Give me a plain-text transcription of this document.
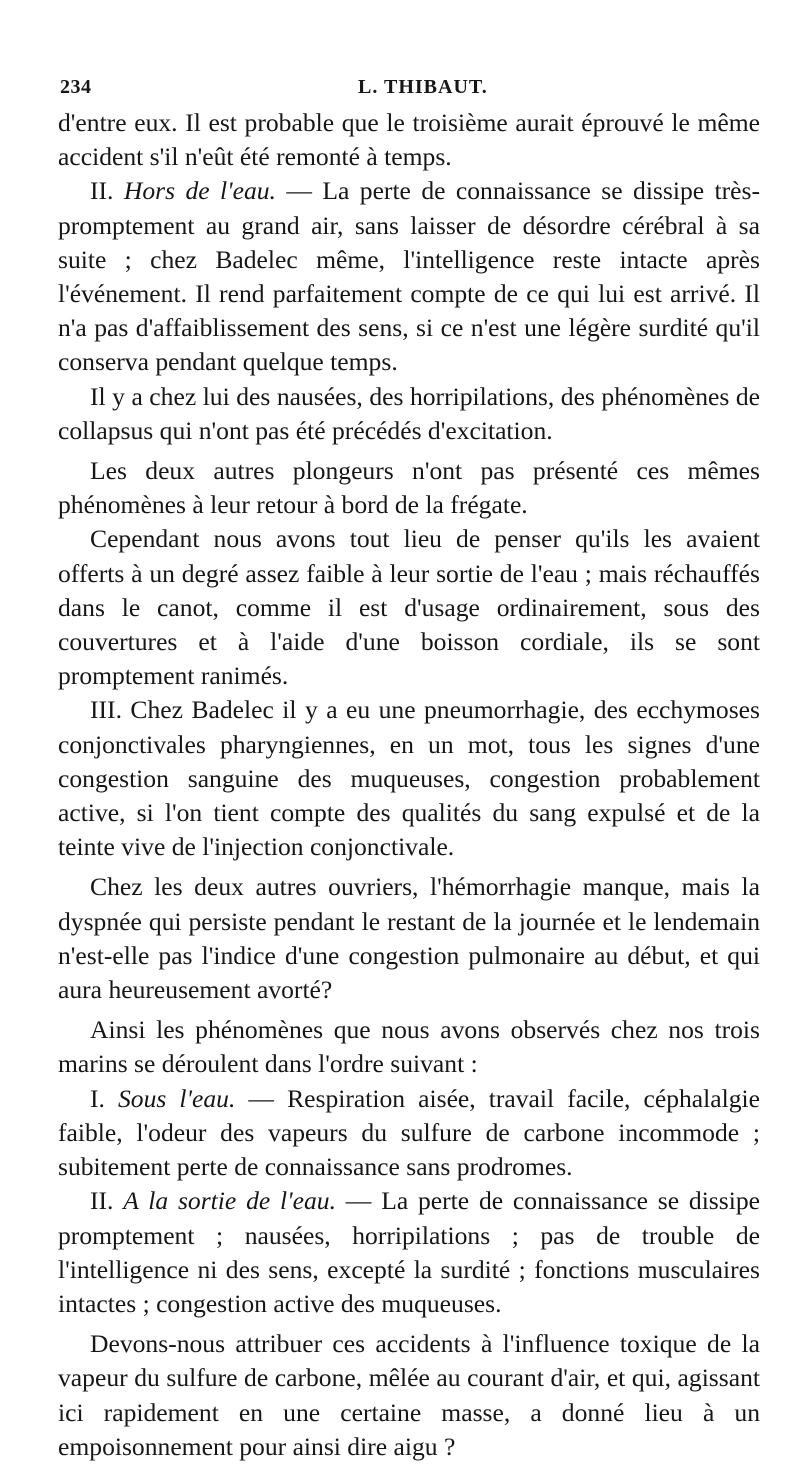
234	L. THIBAUT.

d'entre eux. Il est probable que le troisième aurait éprouvé le même accident s'il n'eût été remonté à temps.

II. Hors de l'eau. — La perte de connaissance se dissipe très-promptement au grand air, sans laisser de désordre cérébral à sa suite ; chez Badelec même, l'intelligence reste intacte après l'événement. Il rend parfaitement compte de ce qui lui est arrivé. Il n'a pas d'affaiblissement des sens, si ce n'est une légère surdité qu'il conserva pendant quelque temps.

Il y a chez lui des nausées, des horripilations, des phénomènes de collapsus qui n'ont pas été précédés d'excitation.

Les deux autres plongeurs n'ont pas présenté ces mêmes phénomènes à leur retour à bord de la frégate.

Cependant nous avons tout lieu de penser qu'ils les avaient offerts à un degré assez faible à leur sortie de l'eau ; mais réchauffés dans le canot, comme il est d'usage ordinairement, sous des couvertures et à l'aide d'une boisson cordiale, ils se sont promptement ranimés.

III. Chez Badelec il y a eu une pneumorrhagie, des ecchymoses conjonctivales pharyngiennes, en un mot, tous les signes d'une congestion sanguine des muqueuses, congestion probablement active, si l'on tient compte des qualités du sang expulsé et de la teinte vive de l'injection conjonctivale.

Chez les deux autres ouvriers, l'hémorrhagie manque, mais la dyspnée qui persiste pendant le restant de la journée et le lendemain n'est-elle pas l'indice d'une congestion pulmonaire au début, et qui aura heureusement avorté?

Ainsi les phénomènes que nous avons observés chez nos trois marins se déroulent dans l'ordre suivant :

I. Sous l'eau. — Respiration aisée, travail facile, céphalalgie faible, l'odeur des vapeurs du sulfure de carbone incommode ; subitement perte de connaissance sans prodromes.

II. A la sortie de l'eau. — La perte de connaissance se dissipe promptement ; nausées, horripilations ; pas de trouble de l'intelligence ni des sens, excepté la surdité ; fonctions musculaires intactes ; congestion active des muqueuses.

Devons-nous attribuer ces accidents à l'influence toxique de la vapeur du sulfure de carbone, mêlée au courant d'air, et qui, agissant ici rapidement en une certaine masse, a donné lieu à un empoisonnement pour ainsi dire aigu ?
